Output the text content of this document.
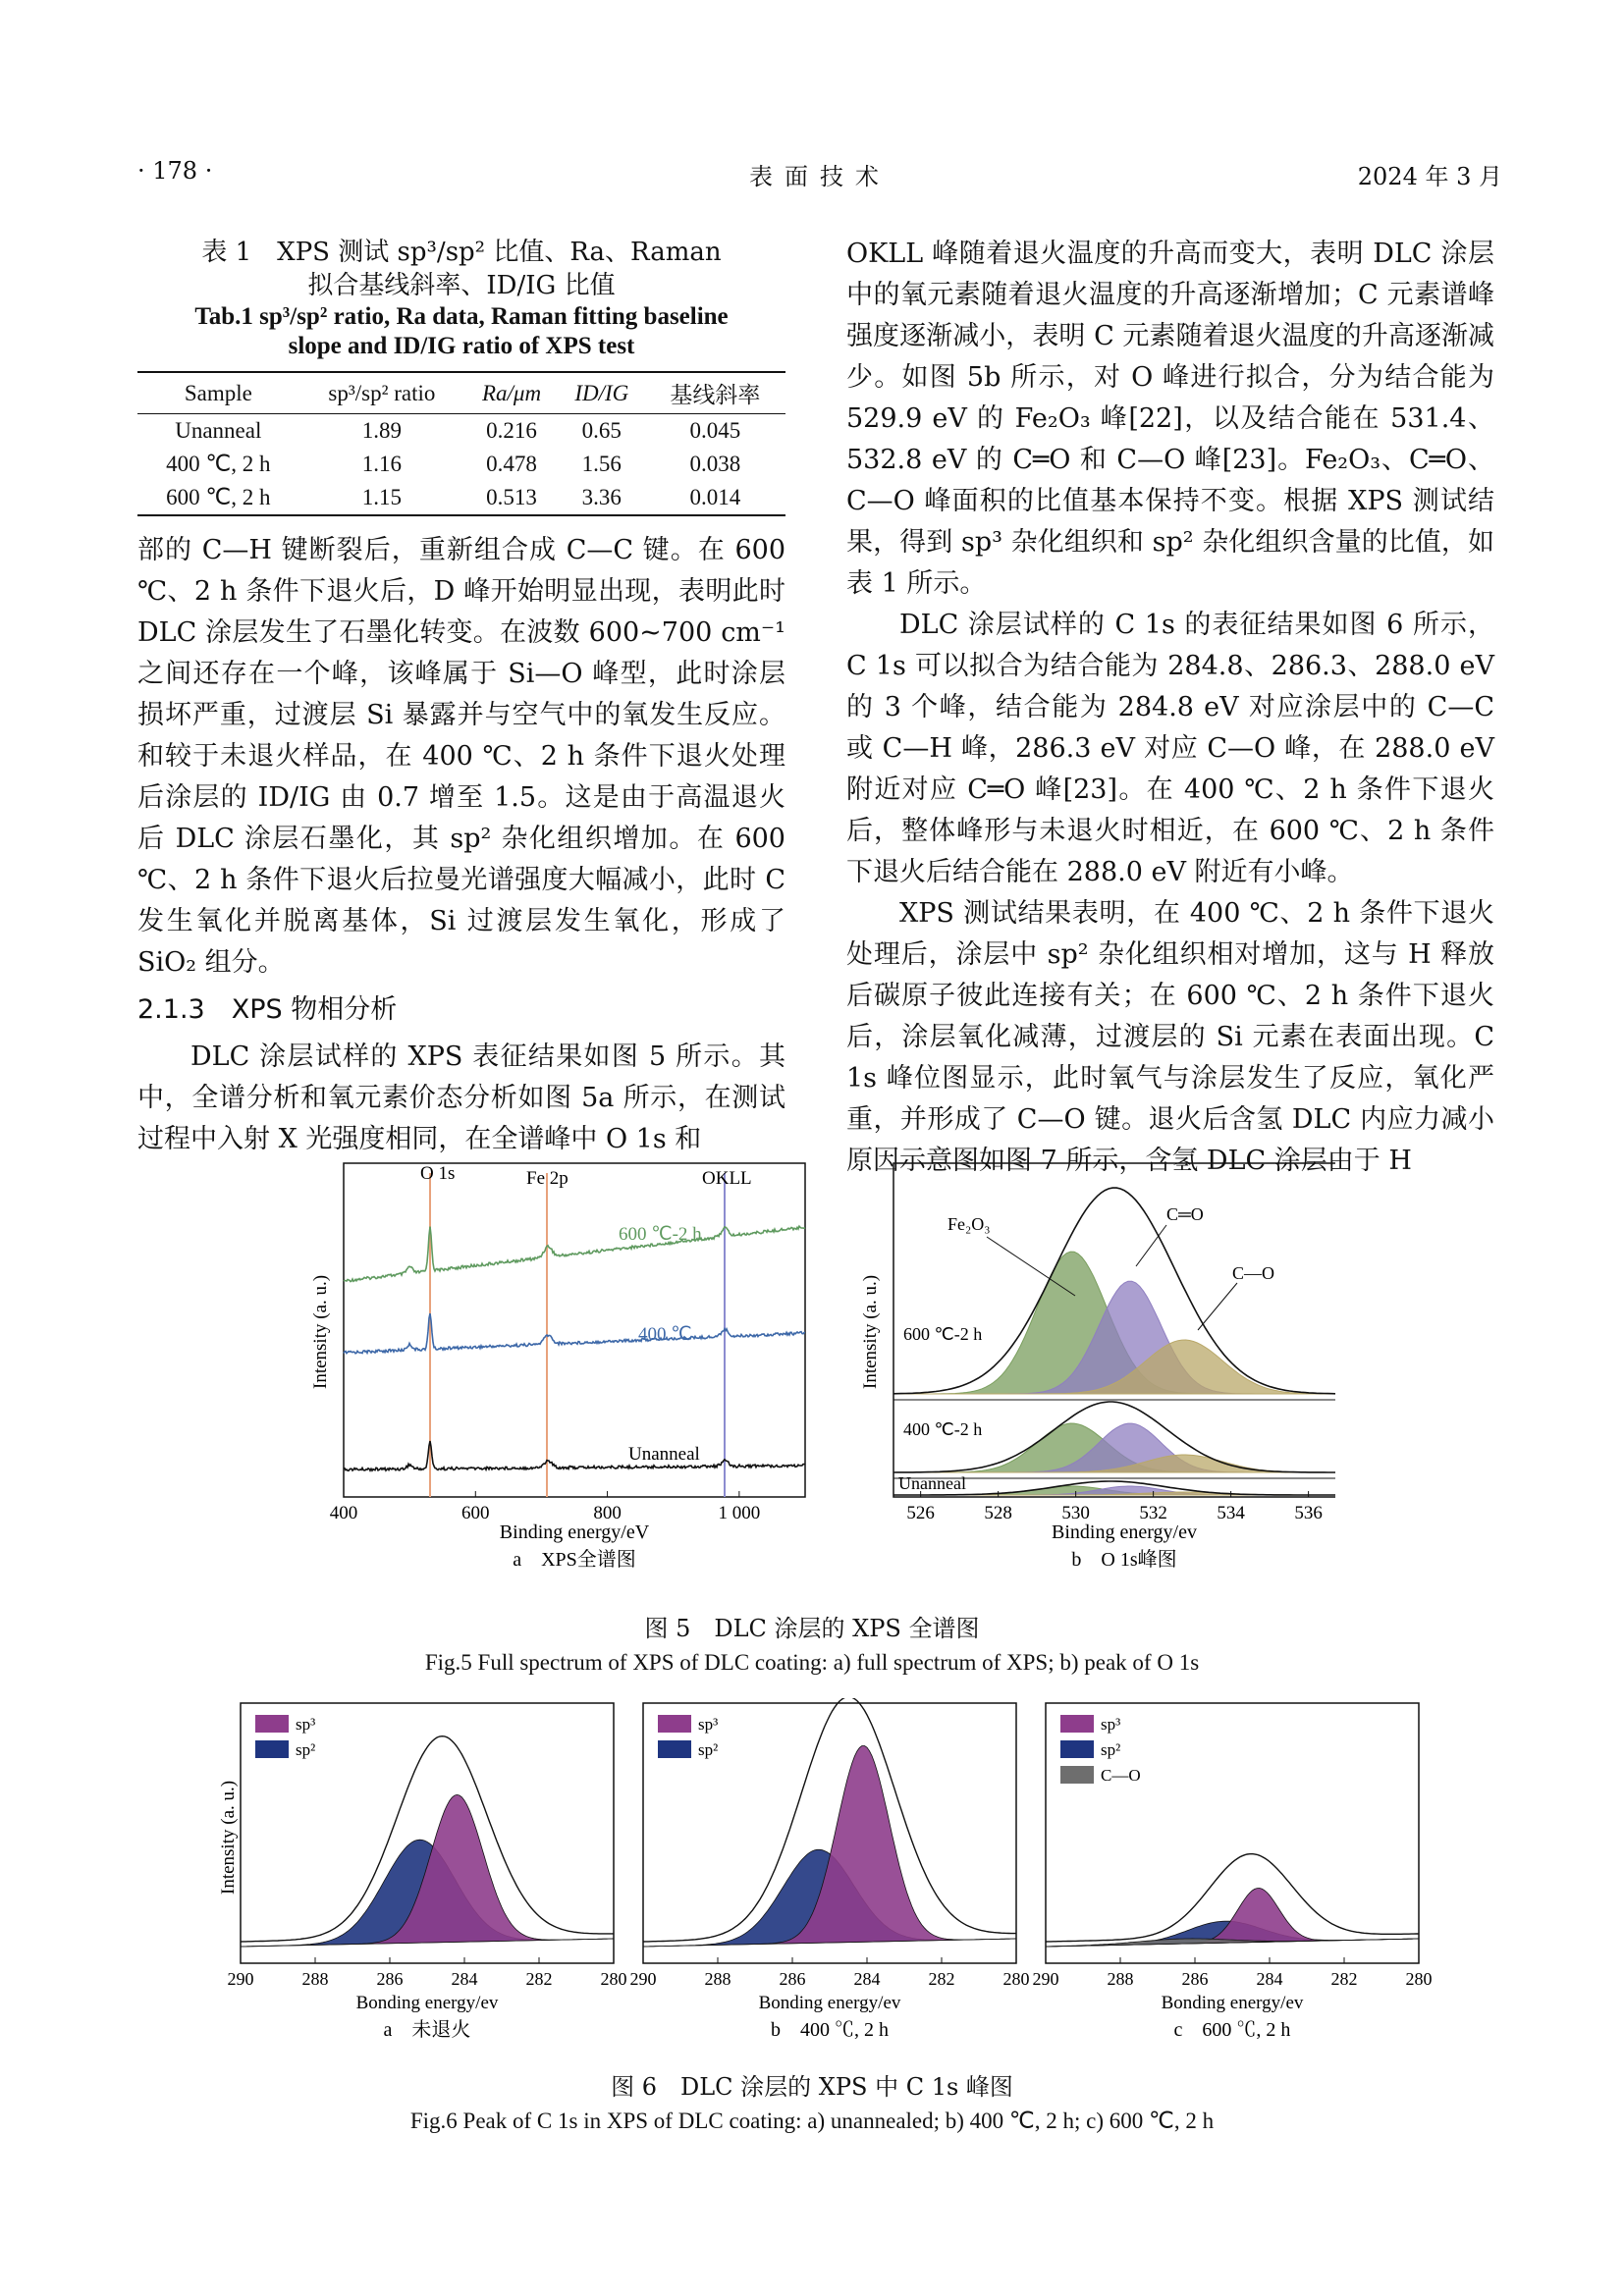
· 178 ·	表面技术	2024 年 3 月
表 1　XPS 测试 sp³/sp² 比值、Ra、Raman
拟合基线斜率、ID/IG 比值
Tab.1 sp³/sp² ratio, Ra data, Raman fitting baseline
slope and ID/IG ratio of XPS test
Sample	sp³/sp² ratio	Ra/μm	ID/IG	基线斜率
Unanneal	1.89	0.216	0.65	0.045
400 ℃, 2 h	1.16	0.478	1.56	0.038
600 ℃, 2 h	1.15	0.513	3.36	0.014

部的 C—H 键断裂后，重新组合成 C—C 键。在 600 ℃、2 h 条件下退火后，D 峰开始明显出现，表明此时 DLC 涂层发生了石墨化转变。在波数 600~700 cm⁻¹ 之间还存在一个峰，该峰属于 Si—O 峰型，此时涂层损坏严重，过渡层 Si 暴露并与空气中的氧发生反应。和较于未退火样品，在 400 ℃、2 h 条件下退火处理后涂层的 ID/IG 由 0.7 增至 1.5。这是由于高温退火后 DLC 涂层石墨化，其 sp² 杂化组织增加。在 600 ℃、2 h 条件下退火后拉曼光谱强度大幅减小，此时 C 发生氧化并脱离基体，Si 过渡层发生氧化，形成了 SiO₂ 组分。

2.1.3　XPS 物相分析

DLC 涂层试样的 XPS 表征结果如图 5 所示。其中，全谱分析和氧元素价态分析如图 5a 所示，在测试过程中入射 X 光强度相同，在全谱峰中 O 1s 和

OKLL 峰随着退火温度的升高而变大，表明 DLC 涂层中的氧元素随着退火温度的升高逐渐增加；C 元素谱峰强度逐渐减小，表明 C 元素随着退火温度的升高逐渐减少。如图 5b 所示，对 O 峰进行拟合，分为结合能为 529.9 eV 的 Fe₂O₃ 峰[22]，以及结合能在 531.4、532.8 eV 的 C═O 和 C—O 峰[23]。Fe₂O₃、C═O、C—O 峰面积的比值基本保持不变。根据 XPS 测试结果，得到 sp³ 杂化组织和 sp² 杂化组织含量的比值，如表 1 所示。

DLC 涂层试样的 C 1s 的表征结果如图 6 所示，C 1s 可以拟合为结合能为 284.8、286.3、288.0 eV 的 3 个峰，结合能为 284.8 eV 对应涂层中的 C—C 或 C—H 峰，286.3 eV 对应 C—O 峰，在 288.0 eV 附近对应 C═O 峰[23]。在 400 ℃、2 h 条件下退火后，整体峰形与未退火时相近，在 600 ℃、2 h 条件下退火后结合能在 288.0 eV 附近有小峰。

XPS 测试结果表明，在 400 ℃、2 h 条件下退火处理后，涂层中 sp² 杂化组织相对增加，这与 H 释放后碳原子彼此连接有关；在 600 ℃、2 h 条件下退火后，涂层氧化减薄，过渡层的 Si 元素在表面出现。C 1s 峰位图显示，此时氧气与涂层发生了反应，氧化严重，并形成了 C—O 键。退火后含氢 DLC 内应力减小原因示意图如图 7 所示，含氢 DLC 涂层由于 H

O 1s	Fe 2p	OKLL
600 ℃-2 h
400 ℃
Unanneal
Intensity (a. u.)
400	600	800	1 000
Binding energy/eV
a　XPS全谱图
Fe₂O₃	C═O
C—O
600 ℃-2 h
400 ℃-2 h
Unanneal
Intensity (a. u.)
526	528	530	532	534	536
Binding energy/ev
b　O 1s峰图
图 5　DLC 涂层的 XPS 全谱图
Fig.5 Full spectrum of XPS of DLC coating: a) full spectrum of XPS; b) peak of O 1s
Intensity (a. u.)
sp³
sp²
290	288	286	284	282	280
Bonding energy/ev
a　未退火
sp³
sp²
290	288	286	284	282	280
Bonding energy/ev
b　400 ℃, 2 h
sp³
sp²
C—O
290	288	286	284	282	280
Bonding energy/ev
c　600 ℃, 2 h
图 6　DLC 涂层的 XPS 中 C 1s 峰图
Fig.6 Peak of C 1s in XPS of DLC coating: a) unannealed; b) 400 ℃, 2 h; c) 600 ℃, 2 h
